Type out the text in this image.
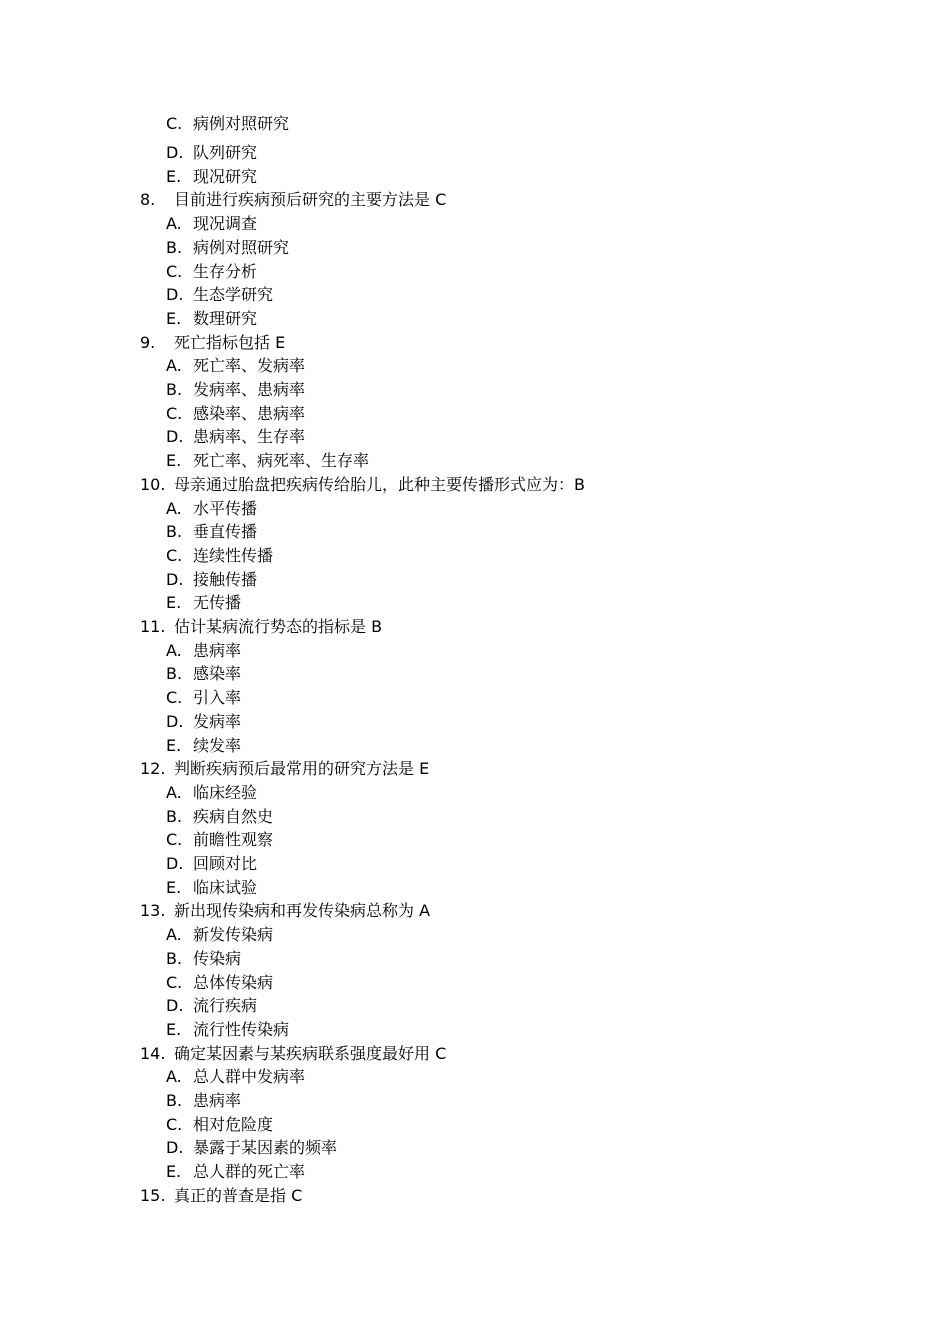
C. 病例对照研究
D. 队列研究
E. 现况研究
8. 目前进行疾病预后研究的主要方法是 C
A. 现况调查
B. 病例对照研究
C. 生存分析
D. 生态学研究
E. 数理研究
9. 死亡指标包括 E
A. 死亡率、发病率
B. 发病率、患病率
C. 感染率、患病率
D. 患病率、生存率
E. 死亡率、病死率、生存率
10. 母亲通过胎盘把疾病传给胎儿，此种主要传播形式应为：B
A. 水平传播
B. 垂直传播
C. 连续性传播
D. 接触传播
E. 无传播
11. 估计某病流行势态的指标是 B
A. 患病率
B. 感染率
C. 引入率
D. 发病率
E. 续发率
12. 判断疾病预后最常用的研究方法是 E
A. 临床经验
B. 疾病自然史
C. 前瞻性观察
D. 回顾对比
E. 临床试验
13. 新出现传染病和再发传染病总称为 A
A. 新发传染病
B. 传染病
C. 总体传染病
D. 流行疾病
E. 流行性传染病
14. 确定某因素与某疾病联系强度最好用 C
A. 总人群中发病率
B. 患病率
C. 相对危险度
D. 暴露于某因素的频率
E. 总人群的死亡率
15. 真正的普查是指 C
